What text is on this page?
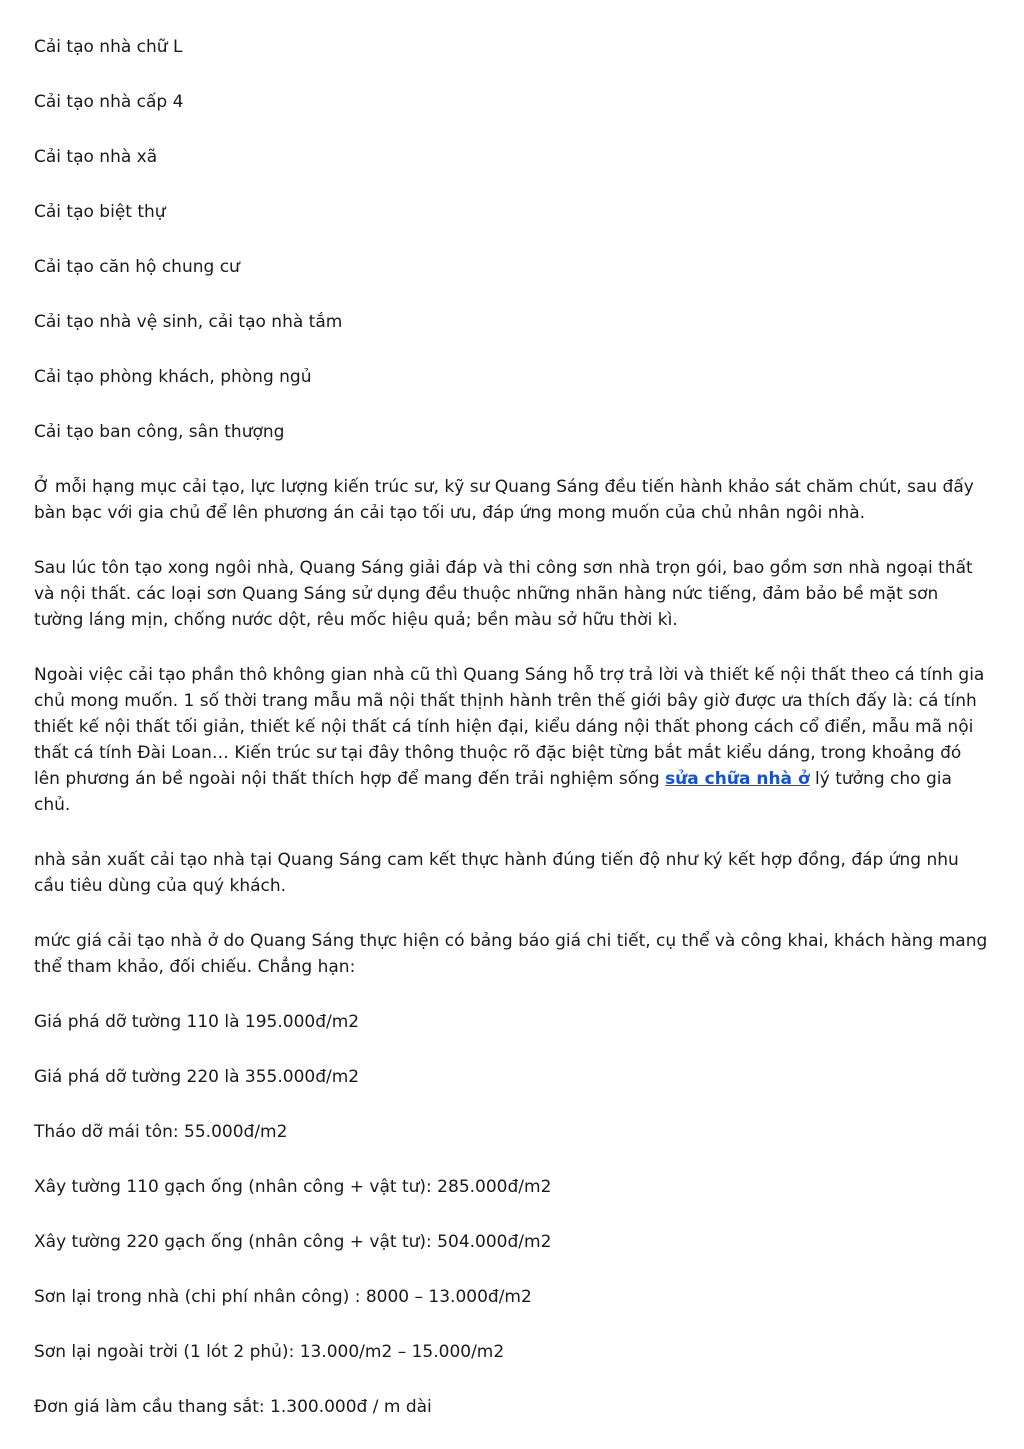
Cải tạo nhà chữ L

Cải tạo nhà cấp 4

Cải tạo nhà xã

Cải tạo biệt thự

Cải tạo căn hộ chung cư

Cải tạo nhà vệ sinh, cải tạo nhà tắm

Cải tạo phòng khách, phòng ngủ

Cải tạo ban công, sân thượng

Ở mỗi hạng mục cải tạo, lực lượng kiến trúc sư, kỹ sư Quang Sáng đều tiến hành khảo sát chăm chút, sau đấy bàn bạc với gia chủ để lên phương án cải tạo tối ưu, đáp ứng mong muốn của chủ nhân ngôi nhà.

Sau lúc tôn tạo xong ngôi nhà, Quang Sáng giải đáp và thi công sơn nhà trọn gói, bao gồm sơn nhà ngoại thất và nội thất. các loại sơn Quang Sáng sử dụng đều thuộc những nhãn hàng nức tiếng, đảm bảo bề mặt sơn tường láng mịn, chống nước dột, rêu mốc hiệu quả; bền màu sở hữu thời kì.

Ngoài việc cải tạo phần thô không gian nhà cũ thì Quang Sáng hỗ trợ trả lời và thiết kế nội thất theo cá tính gia chủ mong muốn. 1 số thời trang mẫu mã nội thất thịnh hành trên thế giới bây giờ được ưa thích đấy là: cá tính thiết kế nội thất tối giản, thiết kế nội thất cá tính hiện đại, kiểu dáng nội thất phong cách cổ điển, mẫu mã nội thất cá tính Đài Loan… Kiến trúc sư tại đây thông thuộc rõ đặc biệt từng bắt mắt kiểu dáng, trong khoảng đó lên phương án bề ngoài nội thất thích hợp để mang đến trải nghiệm sống sửa chữa nhà ở lý tưởng cho gia chủ.

nhà sản xuất cải tạo nhà tại Quang Sáng cam kết thực hành đúng tiến độ như ký kết hợp đồng, đáp ứng nhu cầu tiêu dùng của quý khách.

mức giá cải tạo nhà ở do Quang Sáng thực hiện có bảng báo giá chi tiết, cụ thể và công khai, khách hàng mang thể tham khảo, đối chiếu. Chẳng hạn:

Giá phá dỡ tường 110 là 195.000đ/m2

Giá phá dỡ tường 220 là 355.000đ/m2

Tháo dỡ mái tôn: 55.000đ/m2

Xây tường 110 gạch ống (nhân công + vật tư): 285.000đ/m2

Xây tường 220 gạch ống (nhân công + vật tư): 504.000đ/m2

Sơn lại trong nhà (chi phí nhân công) : 8000 – 13.000đ/m2

Sơn lại ngoài trời (1 lót 2 phủ): 13.000/m2 – 15.000/m2

Đơn giá làm cầu thang sắt: 1.300.000đ / m dài
